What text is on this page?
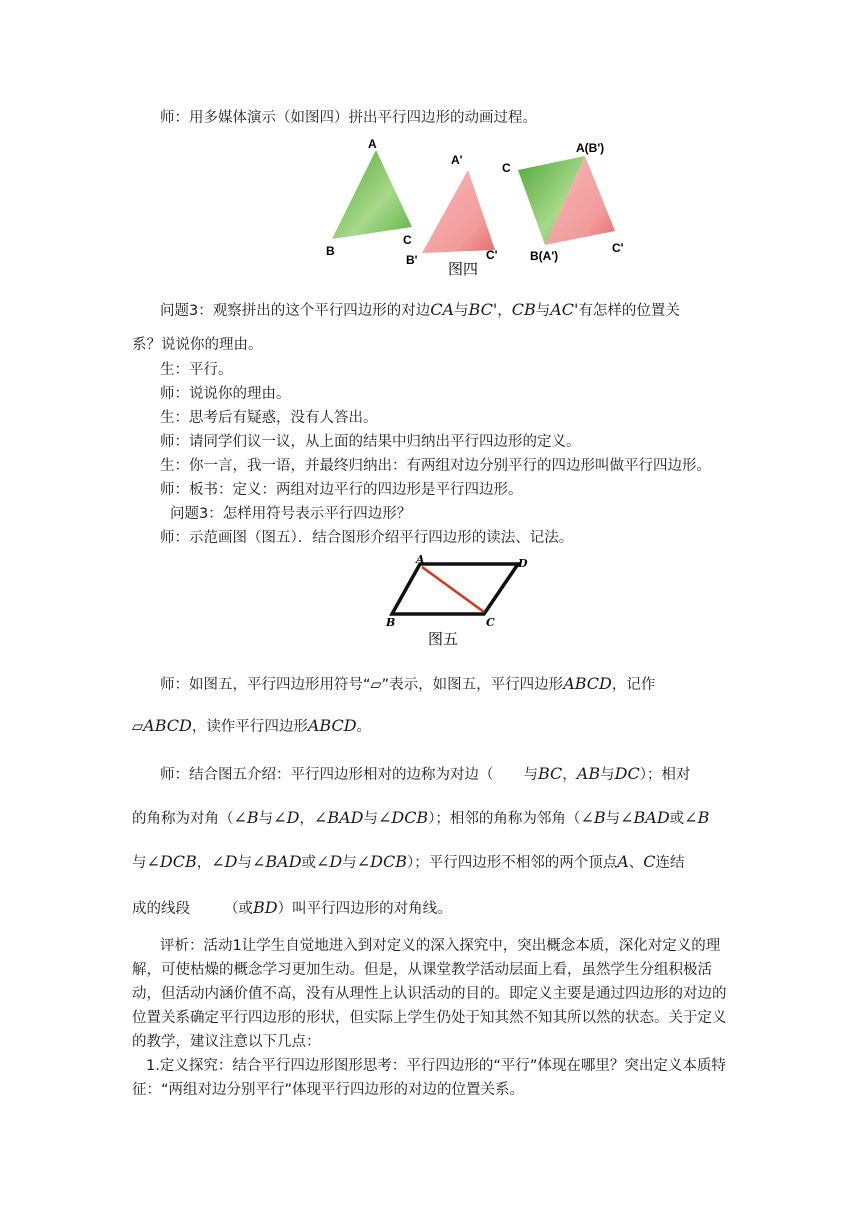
师：用多媒体演示（如图四）拼出平行四边形的动画过程。
A
B
C
A'
B'	C'
C
A(B')
B(A')
C'
图四
问题3：观察拼出的这个平行四边形的对边CA与BC'，CB与AC'有怎样的位置关
系？说说你的理由。
生：平行。
师：说说你的理由。
生：思考后有疑惑，没有人答出。
师：请同学们议一议，从上面的结果中归纳出平行四边形的定义。
生：你一言，我一语，并最终归纳出：有两组对边分别平行的四边形叫做平行四边形。
师：板书：定义：两组对边平行的四边形是平行四边形。
问题3：怎样用符号表示平行四边形？
师：示范画图（图五）．结合图形介绍平行四边形的读法、记法。
A	D
B	C
图五
师：如图五，平行四边形用符号“▱”表示，如图五，平行四边形ABCD，记作
▱ABCD，读作平行四边形ABCD。
师：结合图五介绍：平行四边形相对的边称为对边（ 与BC，AB与DC）；相对
的角称为对角（∠B与∠D，∠BAD与∠DCB）；相邻的角称为邻角（∠B与∠BAD或∠B
与∠DCB，∠D与∠BAD或∠D与∠DCB）；平行四边形不相邻的两个顶点A、C连结
成的线段 （或BD）叫平行四边形的对角线。
评析：活动1让学生自觉地进入到对定义的深入探究中，突出概念本质，深化对定义的理解，可使枯燥的概念学习更加生动。但是，从课堂教学活动层面上看，虽然学生分组积极活动，但活动内涵价值不高，没有从理性上认识活动的目的。即定义主要是通过四边形的对边的位置关系确定平行四边形的形状，但实际上学生仍处于知其然不知其所以然的状态。关于定义的教学，建议注意以下几点：
1.定义探究：结合平行四边形图形思考：平行四边形的“平行”体现在哪里？突出定义本质特征：“两组对边分别平行”体现平行四边形的对边的位置关系。
